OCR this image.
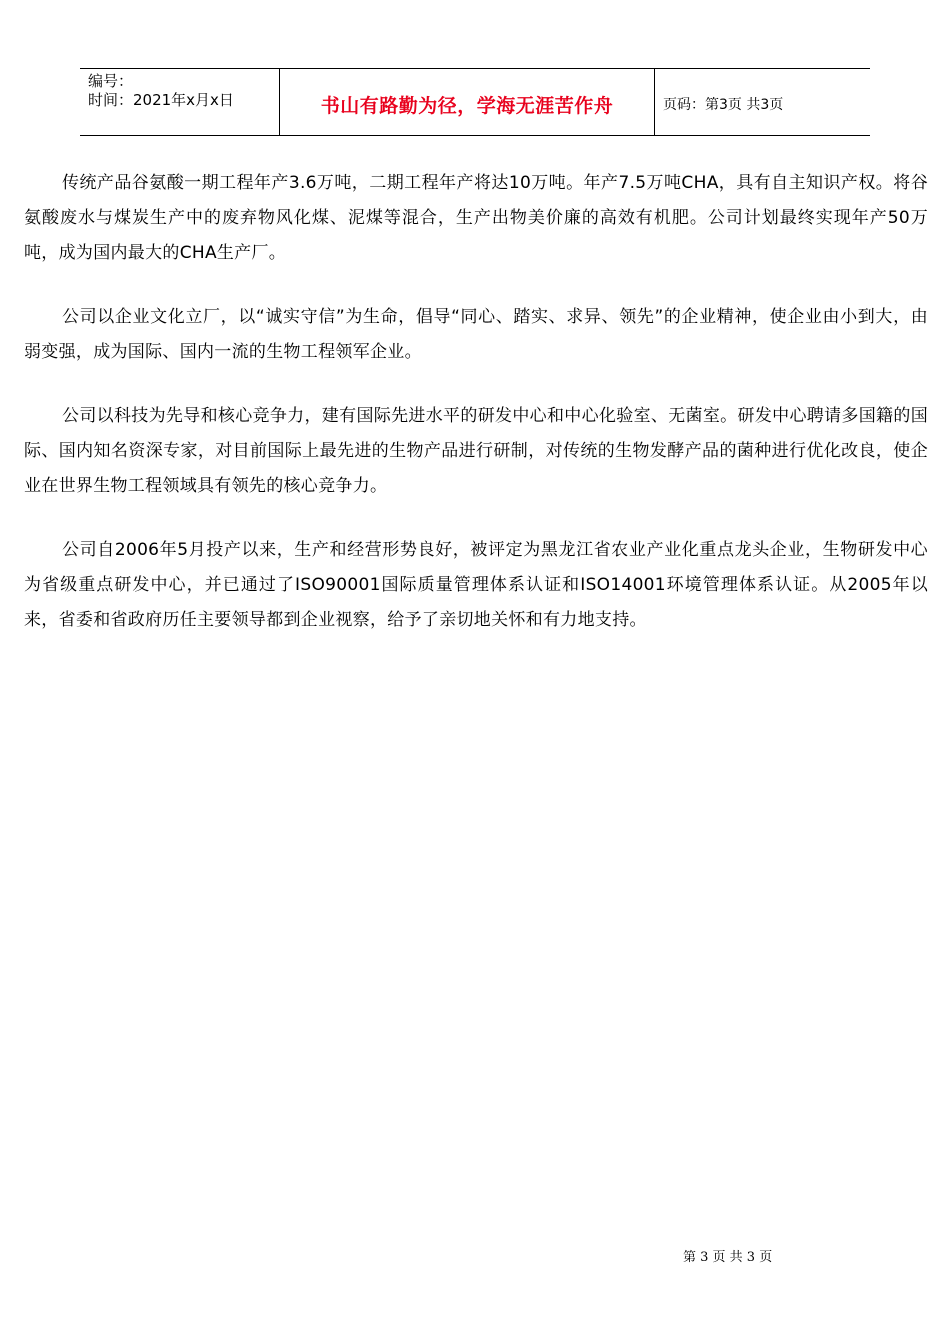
编号：
时间：2021年x月x日	书山有路勤为径，学海无涯苦作舟	页码：第3页 共3页

传统产品谷氨酸一期工程年产3.6万吨，二期工程年产将达10万吨。年产7.5万吨CHA，具有自主知识产权。将谷氨酸废水与煤炭生产中的废弃物风化煤、泥煤等混合，生产出物美价廉的高效有机肥。公司计划最终实现年产50万吨，成为国内最大的CHA生产厂。

公司以企业文化立厂，以“诚实守信”为生命，倡导“同心、踏实、求异、领先”的企业精神，使企业由小到大，由弱变强，成为国际、国内一流的生物工程领军企业。

公司以科技为先导和核心竞争力，建有国际先进水平的研发中心和中心化验室、无菌室。研发中心聘请多国籍的国际、国内知名资深专家，对目前国际上最先进的生物产品进行研制，对传统的生物发酵产品的菌种进行优化改良，使企业在世界生物工程领域具有领先的核心竞争力。

公司自2006年5月投产以来，生产和经营形势良好，被评定为黑龙江省农业产业化重点龙头企业，生物研发中心为省级重点研发中心，并已通过了ISO90001国际质量管理体系认证和ISO14001环境管理体系认证。从2005年以来，省委和省政府历任主要领导都到企业视察，给予了亲切地关怀和有力地支持。

第 3 页 共 3 页
